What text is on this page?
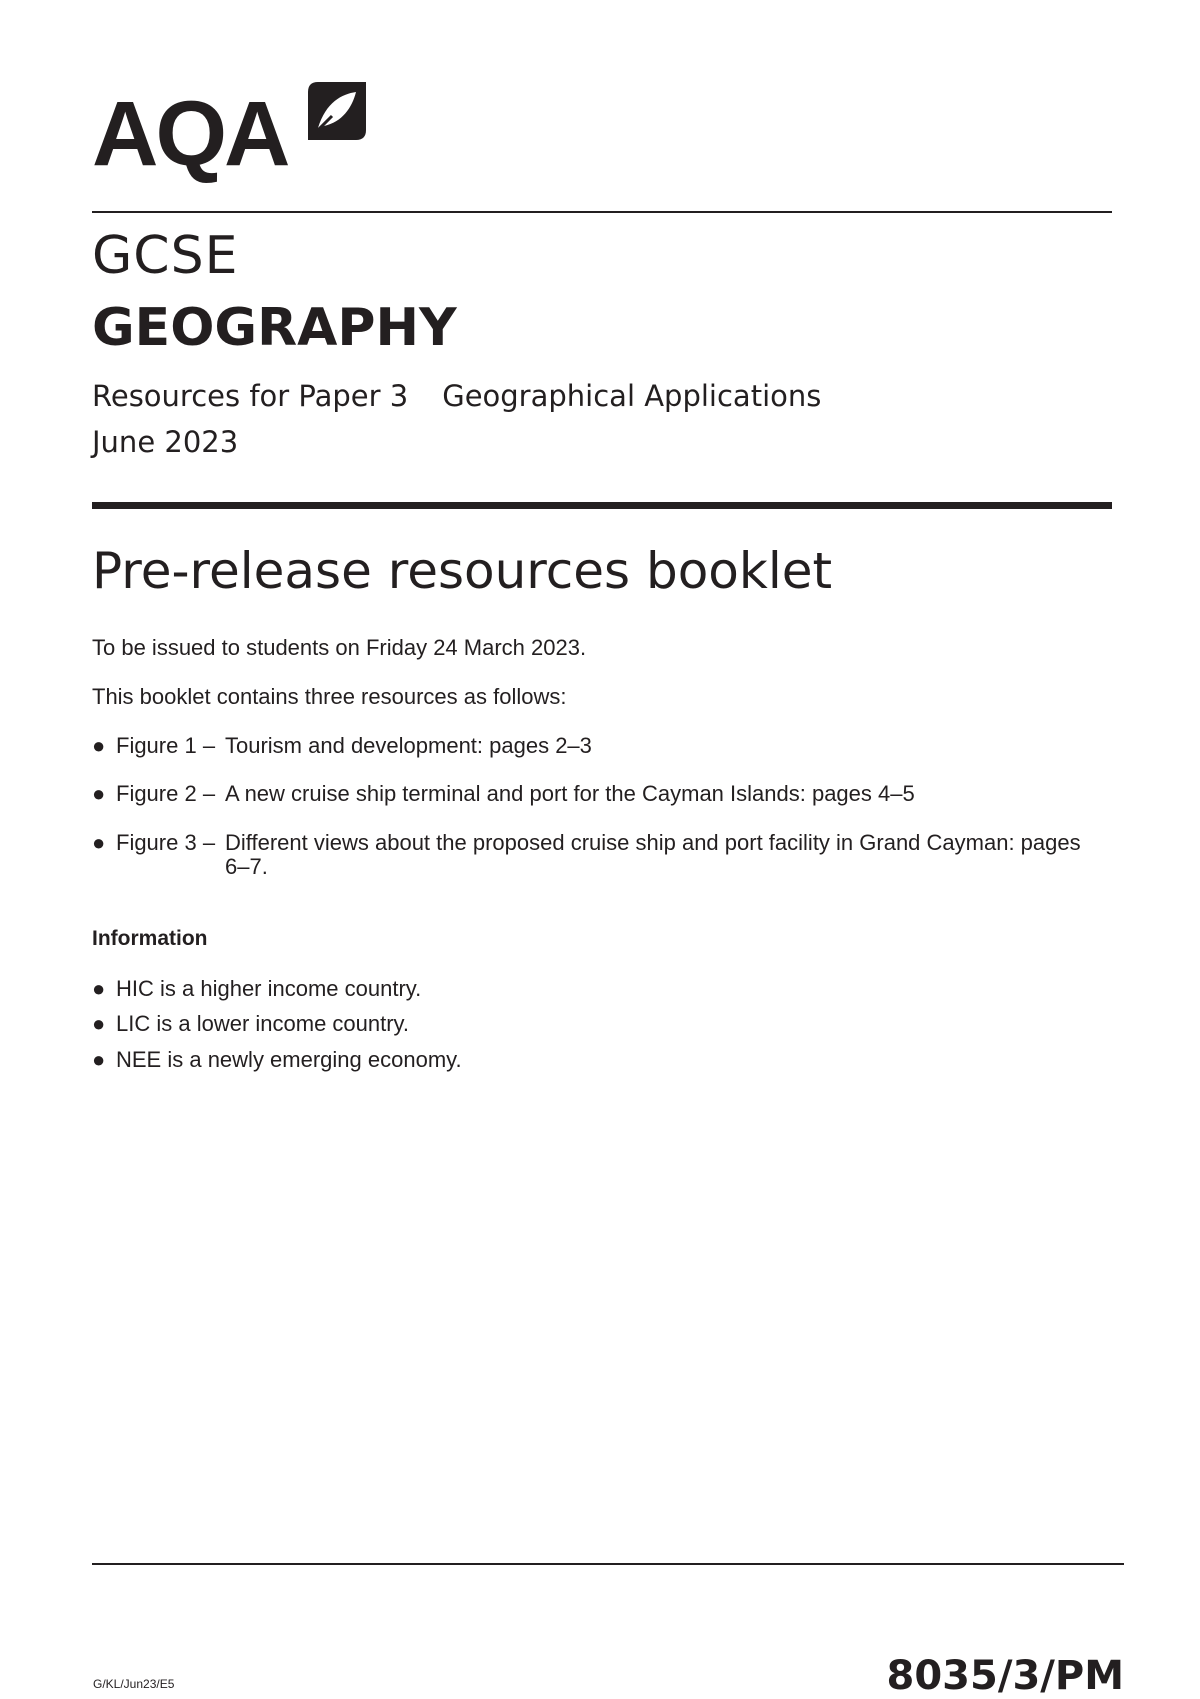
AQA
GCSE
GEOGRAPHY
Resources for Paper 3 Geographical Applications
June 2023
Pre-release resources booklet
To be issued to students on Friday 24 March 2023.
This booklet contains three resources as follows:
● Figure 1 – Tourism and development: pages 2–3
● Figure 2 – A new cruise ship terminal and port for the Cayman Islands: pages 4–5
● Figure 3 – Different views about the proposed cruise ship and port facility in Grand Cayman: pages 6–7.
Information
● HIC is a higher income country.
● LIC is a lower income country.
● NEE is a newly emerging economy.
G/KL/Jun23/E5	8035/3/PM
